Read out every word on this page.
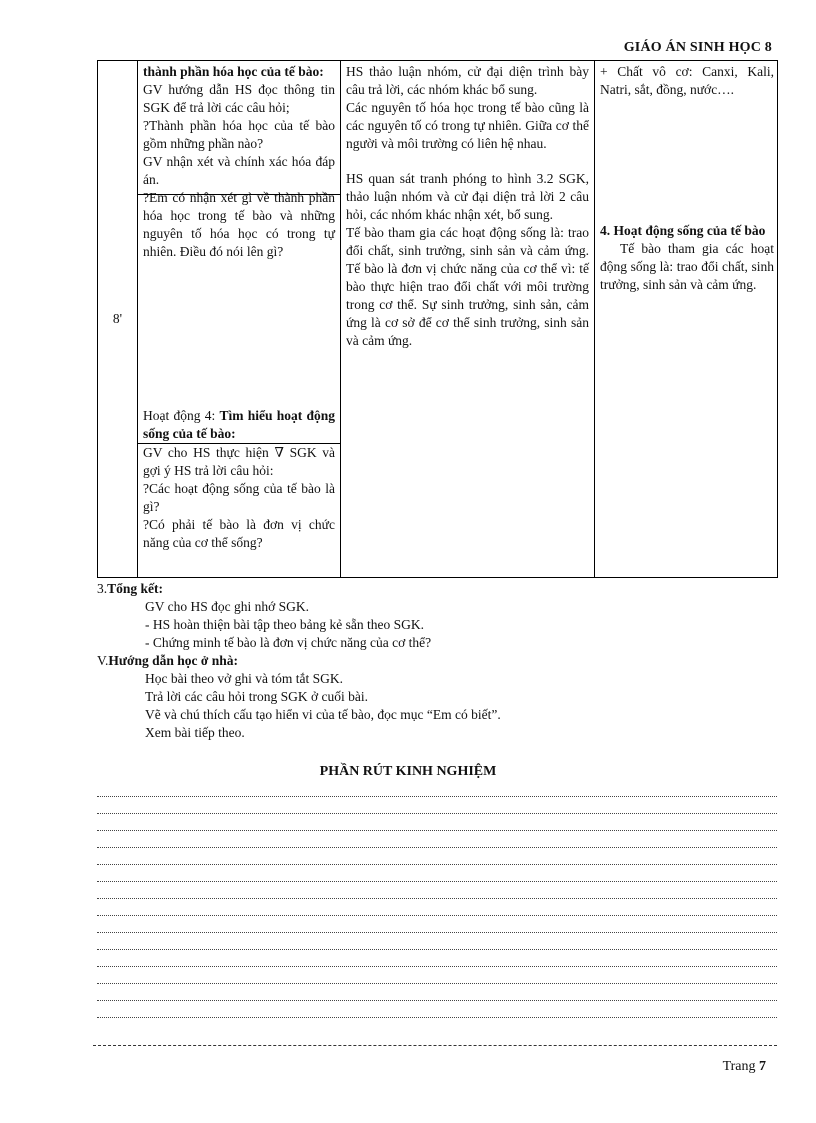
GIÁO ÁN SINH HỌC 8
8'

thành phần hóa học của tế bào:

GV hướng dẫn HS đọc thông tin SGK để trả lời các câu hỏi;

?Thành phần hóa học của tế bào gồm những phần nào?

GV nhận xét và chính xác hóa đáp án.

?Em có nhận xét gì về thành phần hóa học trong tế bào và những nguyên tố hóa học có trong tự nhiên. Điều đó nói lên gì?

Hoạt động 4: Tìm hiểu hoạt động sống của tế bào:

GV cho HS thực hiện ∇ SGK và gợi ý HS trả lời câu hỏi:

?Các hoạt động sống của tế bào là gì?

?Có phải tế bào là đơn vị chức năng của cơ thể sống?

HS thảo luận nhóm, cử đại diện trình bày câu trả lời, các nhóm khác bổ sung.

Các nguyên tố hóa học trong tế bào cũng là các nguyên tố có trong tự nhiên. Giữa cơ thể người và môi trường có liên hệ nhau.

HS quan sát tranh phóng to hình 3.2 SGK, thảo luận nhóm và cử đại diện trả lời 2 câu hỏi, các nhóm khác nhận xét, bổ sung.

Tế bào tham gia các hoạt động sống là: trao đổi chất, sinh trưởng, sinh sản và cảm ứng. Tế bào là đơn vị chức năng của cơ thể vì: tế bào thực hiện trao đổi chất với môi trường trong cơ thể. Sự sinh trưởng, sinh sản, cảm ứng là cơ sở để cơ thể sinh trưởng, sinh sản và cảm ứng.

+ Chất vô cơ: Canxi, Kali, Natri, sắt, đồng, nước….

4. Hoạt động sống của tế bào

Tế bào tham gia các hoạt động sống là: trao đổi chất, sinh trưởng, sinh sản và cảm ứng.

3.Tổng kết:

GV cho HS đọc ghi nhớ SGK.

- HS hoàn thiện bài tập theo bảng kẻ sẵn theo SGK.

- Chứng minh tế bào là đơn vị chức năng của cơ thể?

V.Hướng dẫn học ở nhà:

Học bài theo vở ghi và tóm tắt SGK.

Trả lời các câu hỏi trong SGK ở cuối bài.

Vẽ và chú thích cấu tạo hiển vi của tế bào, đọc mục “Em có biết”.

Xem bài tiếp theo.

PHẦN RÚT KINH NGHIỆM
Trang 7
